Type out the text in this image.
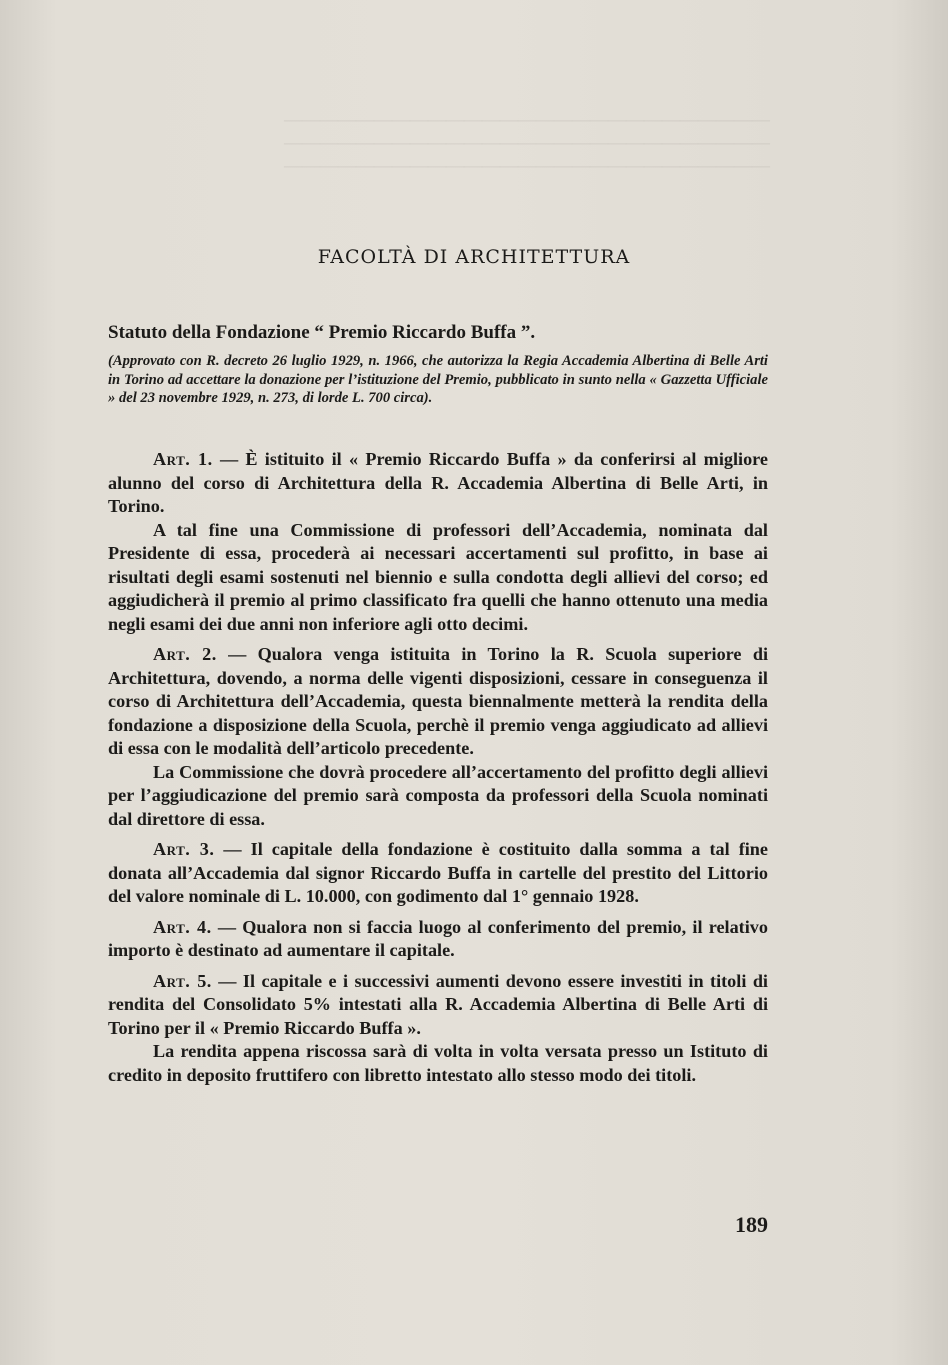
———————————————————————————
———————————————————————————
———————————————————————————
FACOLTÀ DI ARCHITETTURA
Statuto della Fondazione “ Premio Riccardo Buffa ”.
(Approvato con R. decreto 26 luglio 1929, n. 1966, che autorizza la Regia Accademia Albertina di Belle Arti in Torino ad accettare la donazione per l’istituzione del Premio, pubblicato in sunto nella « Gazzetta Ufficiale » del 23 novembre 1929, n. 273, di lorde L. 700 circa).

Art. 1. — È istituito il « Premio Riccardo Buffa » da conferirsi al migliore alunno del corso di Architettura della R. Accademia Albertina di Belle Arti, in Torino.

A tal fine una Commissione di professori dell’Accademia, nominata dal Presidente di essa, procederà ai necessari accertamenti sul profitto, in base ai risultati degli esami sostenuti nel biennio e sulla condotta degli allievi del corso; ed aggiudicherà il premio al primo classificato fra quelli che hanno ottenuto una media negli esami dei due anni non inferiore agli otto decimi.

Art. 2. — Qualora venga istituita in Torino la R. Scuola superiore di Architettura, dovendo, a norma delle vigenti disposizioni, cessare in conseguenza il corso di Architettura dell’Accademia, questa biennalmente metterà la rendita della fondazione a disposizione della Scuola, perchè il premio venga aggiudicato ad allievi di essa con le modalità dell’articolo precedente.

La Commissione che dovrà procedere all’accertamento del profitto degli allievi per l’aggiudicazione del premio sarà composta da professori della Scuola nominati dal direttore di essa.

Art. 3. — Il capitale della fondazione è costituito dalla somma a tal fine donata all’Accademia dal signor Riccardo Buffa in cartelle del prestito del Littorio del valore nominale di L. 10.000, con godimento dal 1° gennaio 1928.

Art. 4. — Qualora non si faccia luogo al conferimento del premio, il relativo importo è destinato ad aumentare il capitale.

Art. 5. — Il capitale e i successivi aumenti devono essere investiti in titoli di rendita del Consolidato 5% intestati alla R. Accademia Albertina di Belle Arti di Torino per il « Premio Riccardo Buffa ».

La rendita appena riscossa sarà di volta in volta versata presso un Istituto di credito in deposito fruttifero con libretto intestato allo stesso modo dei titoli.

189
